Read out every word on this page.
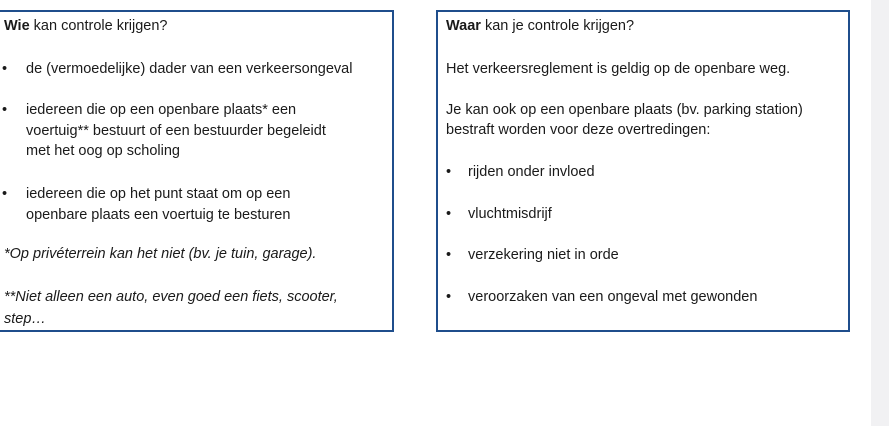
Wie kan controle krijgen?
•	de (vermoedelijke) dader van een verkeersongeval
•	iedereen die op een openbare plaats* een
voertuig** bestuurt of een bestuurder begeleidt
met het oog op scholing
•	iedereen die op het punt staat om op een
openbare plaats een voertuig te besturen
*Op privéterrein kan het niet (bv. je tuin, garage).
**Niet alleen een auto, even goed een fiets, scooter,
step…
Waar kan je controle krijgen?
Het verkeersreglement is geldig op de openbare weg.
Je kan ook op een openbare plaats (bv. parking station)
bestraft worden voor deze overtredingen:
•	rijden onder invloed
•	vluchtmisdrijf
•	verzekering niet in orde
•	veroorzaken van een ongeval met gewonden
